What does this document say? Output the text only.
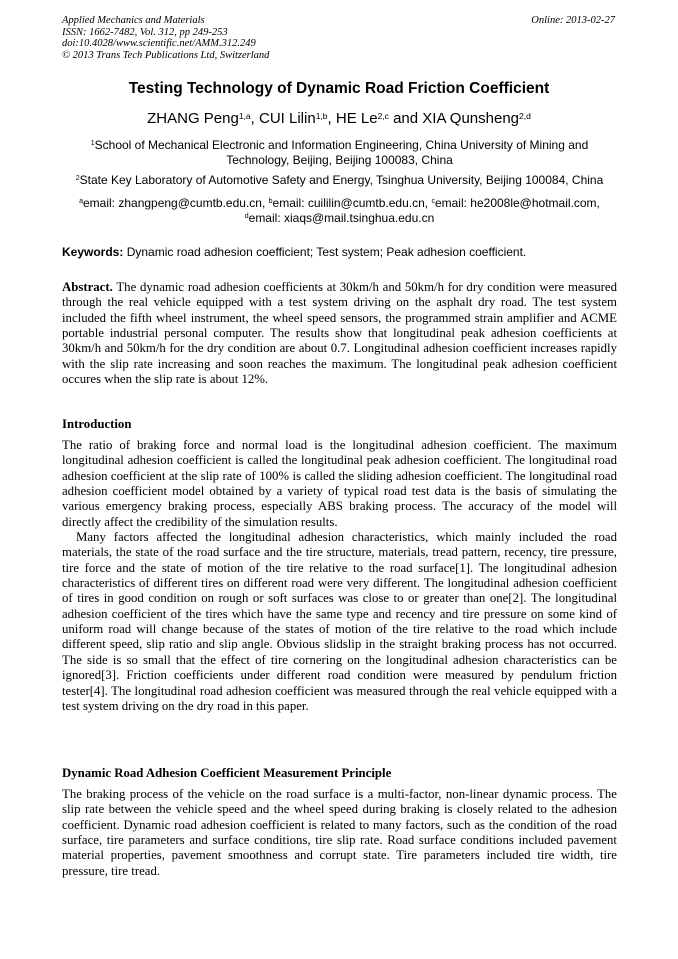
Applied Mechanics and Materials
ISSN: 1662-7482, Vol. 312, pp 249-253
doi:10.4028/www.scientific.net/AMM.312.249
© 2013 Trans Tech Publications Ltd, Switzerland
Online: 2013-02-27
Testing Technology of Dynamic Road Friction Coefficient
ZHANG Peng$^{1,a}$, CUI Lilin$^{1,b}$, HE Le$^{2,c}$ and XIA Qunsheng$^{2,d}$
$^1$School of Mechanical Electronic and Information Engineering, China University of Mining and Technology, Beijing, Beijing 100083, China
$^2$State Key Laboratory of Automotive Safety and Energy, Tsinghua University, Beijing 100084, China
$^a$email: zhangpeng@cumtb.edu.cn, $^b$email: cuililin@cumtb.edu.cn, $^c$email: he2008le@hotmail.com,
$^d$email: xiaqs@mail.tsinghua.edu.cn
Keywords: Dynamic road adhesion coefficient; Test system; Peak adhesion coefficient.
Abstract. The dynamic road adhesion coefficients at 30km/h and 50km/h for dry condition were measured through the real vehicle equipped with a test system driving on the asphalt dry road. The test system included the fifth wheel instrument, the wheel speed sensors, the programmed strain amplifier and ACME portable industrial personal computer. The results show that longitudinal peak adhesion coefficients at 30km/h and 50km/h for the dry condition are about 0.7. Longitudinal adhesion coefficient increases rapidly with the slip rate increasing and soon reaches the maximum. The longitudinal peak adhesion coefficient occures when the slip rate is about 12%.
Introduction

The ratio of braking force and normal load is the longitudinal adhesion coefficient. The maximum longitudinal adhesion coefficient is called the longitudinal peak adhesion coefficient. The longitudinal road adhesion coefficient at the slip rate of 100% is called the sliding adhesion coefficient. The longitudinal road adhesion coefficient model obtained by a variety of typical road test data is the basis of simulating the various emergency braking process, especially ABS braking process. The accuracy of the model will directly affect the credibility of the simulation results.

Many factors affected the longitudinal adhesion characteristics, which mainly included the road materials, the state of the road surface and the tire structure, materials, tread pattern, recency, tire pressure, tire force and the state of motion of the tire relative to the road surface[1]. The longitudinal adhesion characteristics of different tires on different road were very different. The longitudinal adhesion coefficient of tires in good condition on rough or soft surfaces was close to or greater than one[2]. The longitudinal adhesion coefficient of the tires which have the same type and recency and tire pressure on some kind of uniform road will change because of the states of motion of the tire relative to the road which include different speed, slip ratio and slip angle. Obvious slidslip in the straight braking process has not occurred. The side is so small that the effect of tire cornering on the longitudinal adhesion characteristics can be ignored[3]. Friction coefficients under different road condition were measured by pendulum friction tester[4]. The longitudinal road adhesion coefficient was measured through the real vehicle equipped with a test system driving on the dry road in this paper.

Dynamic Road Adhesion Coefficient Measurement Principle

The braking process of the vehicle on the road surface is a multi-factor, non-linear dynamic process. The slip rate between the vehicle speed and the wheel speed during braking is closely related to the adhesion coefficient. Dynamic road adhesion coefficient is related to many factors, such as the condition of the road surface, tire parameters and surface conditions, tire slip rate. Road surface conditions included pavement material properties, pavement smoothness and corrupt state. Tire parameters included tire width, tire pressure, tire tread.
